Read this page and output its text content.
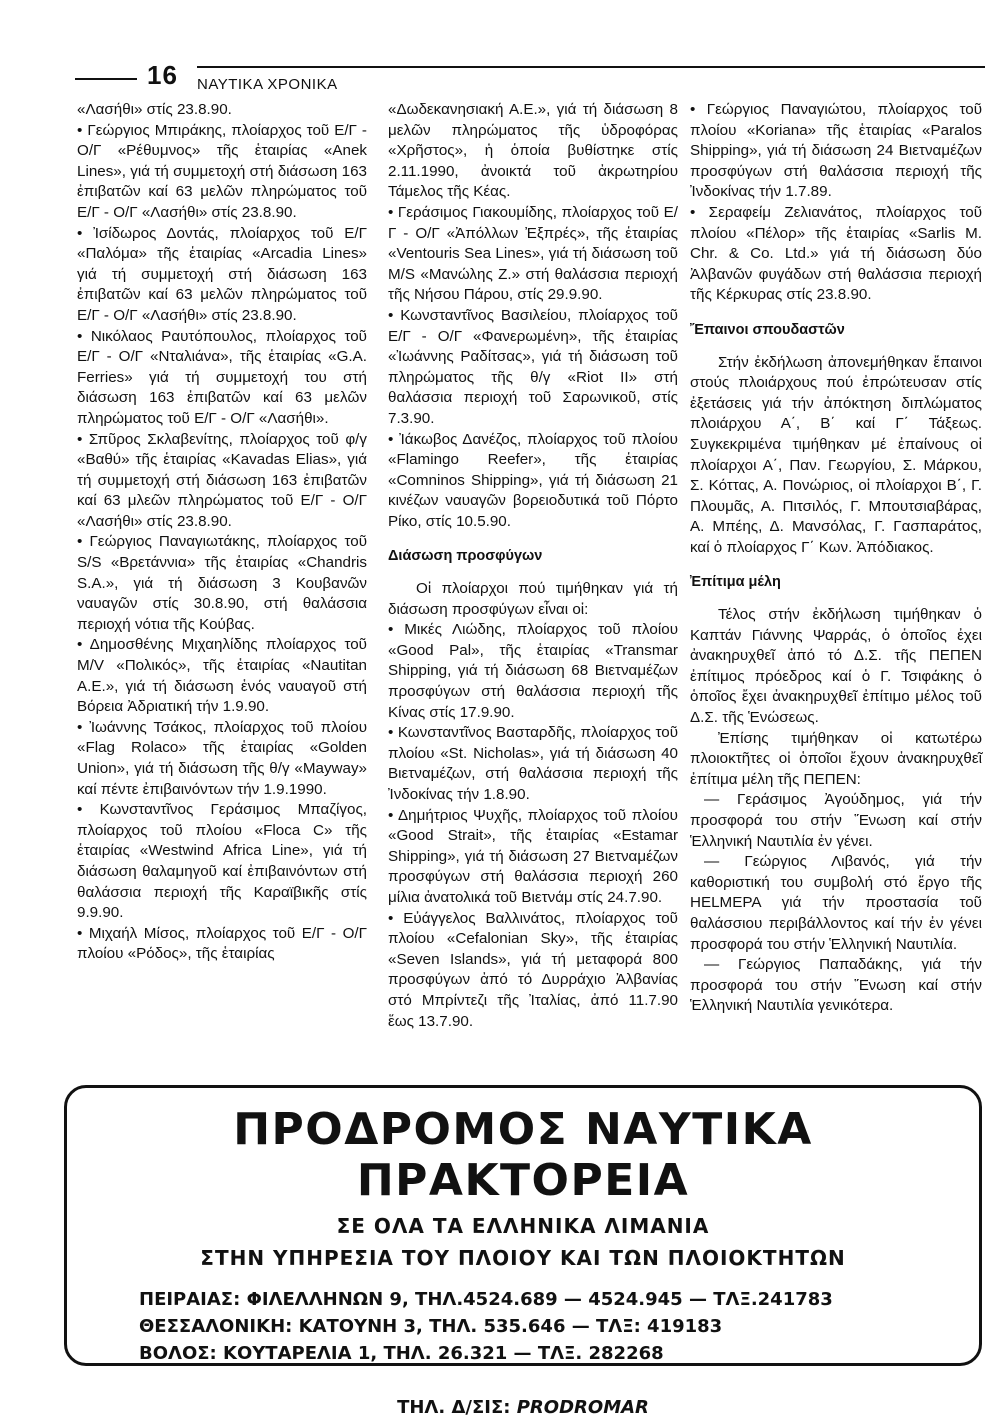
16 ΝΑΥΤΙΚΑ ΧΡΟΝΙΚΑ

«Λασήθι» στίς 23.8.90.

• Γεώργιος Μπιράκης, πλοίαρχος τοῦ Ε/Γ - Ο/Γ «Ρέθυμνος» τῆς ἑταιρίας «Anek Lines», γιά τή συμμετοχή στή διάσωση 163 ἐπιβατῶν καί 63 μελῶν πληρώματος τοῦ Ε/Γ - Ο/Γ «Λασήθι» στίς 23.8.90.

• Ἰσίδωρος Δοντάς, πλοίαρχος τοῦ Ε/Γ «Παλόμα» τῆς ἑταιρίας «Arcadia Lines» γιά τή συμμετοχή στή διάσωση 163 ἐπιβατῶν καί 63 μελῶν πληρώματος τοῦ Ε/Γ - Ο/Γ «Λασήθι» στίς 23.8.90.

• Νικόλαος Ραυτόπουλος, πλοίαρχος τοῦ Ε/Γ - Ο/Γ «Νταλιάνα», τῆς ἑταιρίας «G.A. Ferries» γιά τή συμμετοχή του στή διάσωση 163 ἐπιβατῶν καί 63 μελῶν πληρώματος τοῦ Ε/Γ - Ο/Γ «Λασήθι».

• Σπῦρος Σκλαβενίτης, πλοίαρχος τοῦ φ/γ «Βαθύ» τῆς ἑταιρίας «Kavadas Elias», γιά τή συμμετοχή στή διάσωση 163 ἐπιβατῶν καί 63 μλεῶν πληρώματος τοῦ Ε/Γ - Ο/Γ «Λασήθι» στίς 23.8.90.

• Γεώργιος Παναγιωτάκης, πλοίαρχος τοῦ S/S «Βρετάννια» τῆς ἑταιρίας «Chandris S.A.», γιά τή διάσωση 3 Κουβανῶν ναυαγῶν στίς 30.8.90, στή θαλάσσια περιοχή νότια τῆς Κούβας.

• Δημοσθένης Μιχαηλίδης πλοίαρχος τοῦ M/V «Πολικός», τῆς ἑταιρίας «Nautitan A.E.», γιά τή διάσωση ἑνός ναυαγοῦ στή Βόρεια Ἀδριατική τήν 1.9.90.

• Ἰωάννης Τσάκος, πλοίαρχος τοῦ πλοίου «Flag Rolaco» τῆς ἑταιρίας «Golden Union», γιά τή διάσωση τῆς θ/γ «Mayway» καί πέντε ἐπιβαινόντων τήν 1.9.1990.

• Κωνσταντῖνος Γεράσιμος Μπαζίγος, πλοίαρχος τοῦ πλοίου «Floca C» τῆς ἑταιρίας «Westwind Africa Line», γιά τή διάσωση θαλαμηγοῦ καί ἐπιβαινόντων στή θαλάσσια περιοχή τῆς Καραϊβικῆς στίς 9.9.90.

• Μιχαήλ Μίσος, πλοίαρχος τοῦ Ε/Γ - Ο/Γ πλοίου «Ρόδος», τῆς ἑταιρίας

«Δωδεκανησιακή Α.Ε.», γιά τή διάσωση 8 μελῶν πληρώματος τῆς ὑδροφόρας «Χρῆστος», ἡ ὁποία βυθίστηκε στίς 2.11.1990, ἀνοικτά τοῦ ἀκρωτηρίου Τάμελος τῆς Κέας.

• Γεράσιμος Γιακουμίδης, πλοίαρχος τοῦ Ε/Γ - Ο/Γ «Ἀπόλλων Ἐξπρές», τῆς ἑταιρίας «Ventouris Sea Lines», γιά τή διάσωση τοῦ M/S «Μανώλης Ζ.» στή θαλάσσια περιοχή τῆς Νήσου Πάρου, στίς 29.9.90.

• Κωνσταντῖνος Βασιλείου, πλοίαρχος τοῦ Ε/Γ - Ο/Γ «Φανερωμένη», τῆς ἑταιρίας «Ἰωάννης Ραδίτσας», γιά τή διάσωση τοῦ πληρώματος τῆς θ/γ «Riot II» στή θαλάσσια περιοχή τοῦ Σαρωνικοῦ, στίς 7.3.90.

• Ἰάκωβος Δανέζος, πλοίαρχος τοῦ πλοίου «Flamingo Reefer», τῆς ἑταιρίας «Comninos Shipping», γιά τή διάσωση 21 κινέζων ναυαγῶν βορειοδυτικά τοῦ Πόρτο Ρίκο, στίς 10.5.90.

Διάσωση προσφύγων

Οἱ πλοίαρχοι πού τιμήθηκαν γιά τή διάσωση προσφύγων εἶναι οἱ:

• Μικές Λιώδης, πλοίαρχος τοῦ πλοίου «Good Pal», τῆς ἑταιρίας «Transmar Shipping, γιά τή διάσωση 68 Βιετναμέζων προσφύγων στή θαλάσσια περιοχή τῆς Κίνας στίς 17.9.90.

• Κωνσταντῖνος Βασταρδῆς, πλοίαρχος τοῦ πλοίου «St. Nicholas», γιά τή διάσωση 40 Βιετναμέζων, στή θαλάσσια περιοχή τῆς Ἰνδοκίνας τήν 1.8.90.

• Δημήτριος Ψυχῆς, πλοίαρχος τοῦ πλοίου «Good Strait», τῆς ἑταιρίας «Estamar Shipping», γιά τή διάσωση 27 Βιετναμέζων προσφύγων στή θαλάσσια περιοχή 260 μίλια ἀνατολικά τοῦ Βιετνάμ στίς 24.7.90.

• Εὐάγγελος Βαλλινάτος, πλοίαρχος τοῦ πλοίου «Cefalonian Sky», τῆς ἑταιρίας «Seven Islands», γιά τή μεταφορά 800 προσφύγων ἀπό τό Δυρράχιο Ἀλβανίας στό Μπρίντεζι τῆς Ἰταλίας, ἀπό 11.7.90 ἕως 13.7.90.

• Γεώργιος Παναγιώτου, πλοίαρχος τοῦ πλοίου «Koriana» τῆς ἑταιρίας «Paralos Shipping», γιά τή διάσωση 24 Βιετναμέζων προσφύγων στή θαλάσσια περιοχή τῆς Ἰνδοκίνας τήν 1.7.89.

• Σεραφείμ Ζελιανάτος, πλοίαρχος τοῦ πλοίου «Πέλορ» τῆς ἑταιρίας «Sarlis M. Chr. & Co. Ltd.» γιά τή διάσωση δύο Ἀλβανῶν φυγάδων στή θαλάσσια περιοχή τῆς Κέρκυρας στίς 23.8.90.

Ἔπαινοι σπουδαστῶν

Στήν ἐκδήλωση ἀπονεμήθηκαν ἔπαινοι στούς πλοιάρχους πού ἐπρώτευσαν στίς ἐξετάσεις γιά τήν ἀπόκτηση διπλώματος πλοιάρχου Α΄, Β΄ καί Γ΄ Τάξεως. Συγκεκριμένα τιμήθηκαν μέ ἐπαίνους οἱ πλοίαρχοι Α΄, Παν. Γεωργίου, Σ. Μάρκου, Σ. Κόττας, Α. Πονώριος, οἱ πλοίαρχοι Β΄, Γ. Πλουμᾶς, Α. Πιτσιλός, Γ. Μπουτσιαβάρας, Α. Μπέης, Δ. Μανσόλας, Γ. Γασπαράτος, καί ὁ πλοίαρχος Γ΄ Κων. Ἀπόδιακος.

Ἐπίτιμα μέλη

Τέλος στήν ἐκδήλωση τιμήθηκαν ὁ Καπτάν Γιάννης Ψαρράς, ὁ ὁποῖος ἐχει ἀνακηρυχθεῖ ἀπό τό Δ.Σ. τῆς ΠΕΠΕΝ ἐπίτιμος πρόεδρος καί ὁ Γ. Τσιφάκης ὁ ὁποῖος ἔχει ἀνακηρυχθεῖ ἐπίτιμο μέλος τοῦ Δ.Σ. τῆς Ἑνώσεως.

Ἐπίσης τιμήθηκαν οἱ κατωτέρω πλοιοκτῆτες οἱ ὁποῖοι ἔχουν ἀνακηρυχθεῖ ἐπίτιμα μέλη τῆς ΠΕΠΕΝ:

— Γεράσιμος Ἀγούδημος, γιά τήν προσφορά του στήν Ἕνωση καί στήν Ἑλληνική Ναυτιλία ἐν γένει.

— Γεώργιος Λιβανός, γιά τήν καθοριστική του συμβολή στό ἔργο τῆς HELMEPA γιά τήν προστασία τοῦ θαλάσσιου περιβάλλοντος καί τήν ἐν γένει προσφορά του στήν Ἑλληνική Ναυτιλία.

— Γεώργιος Παπαδάκης, γιά τήν προσφορά του στήν Ἕνωση καί στήν Ἑλληνική Ναυτιλία γενικότερα.

ΠΡΟΔΡΟΜΟΣ ΝΑΥΤΙΚΑ ΠΡΑΚΤΟΡΕΙΑ
ΣΕ ΟΛΑ ΤΑ ΕΛΛΗΝΙΚΑ ΛΙΜΑΝΙΑ
ΣΤΗΝ ΥΠΗΡΕΣΙΑ ΤΟΥ ΠΛΟΙΟΥ ΚΑΙ ΤΩΝ ΠΛΟΙΟΚΤΗΤΩΝ
ΠΕΙΡΑΙΑΣ: ΦΙΛΕΛΛΗΝΩΝ 9, ΤΗΛ.4524.689 — 4524.945 — ΤΛΞ.241783
ΘΕΣΣΑΛΟΝΙΚΗ: ΚΑΤΟΥΝΗ 3, ΤΗΛ. 535.646 — ΤΛΞ: 419183
ΒΟΛΟΣ: ΚΟΥΤΑΡΕΛΙΑ 1, ΤΗΛ. 26.321 — ΤΛΞ. 282268
ΤΗΛ. Δ/ΣΙΣ: PRODROMAR
